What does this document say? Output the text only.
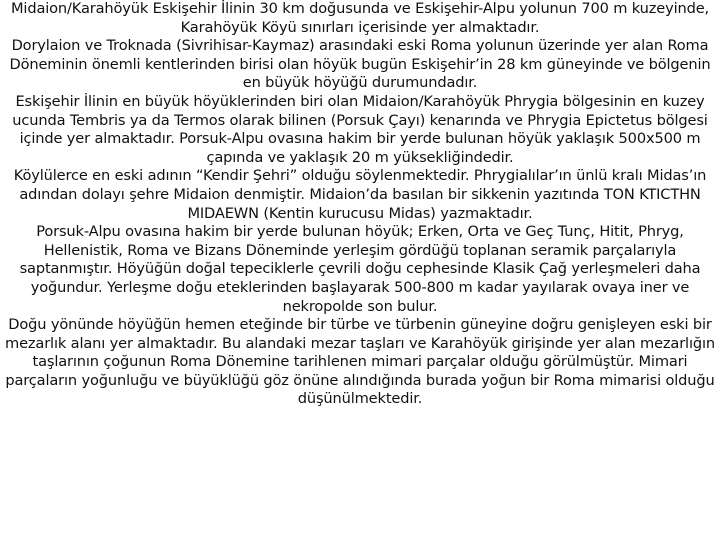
Midaion/Karahöyük Eskişehir İlinin 30 km doğusunda ve Eskişehir-Alpu yolunun 700 m kuzeyinde, Karahöyük Köyü sınırları içerisinde yer almaktadır.

Dorylaion ve Troknada (Sivrihisar-Kaymaz) arasındaki eski Roma yolunun üzerinde yer alan Roma Döneminin önemli kentlerinden birisi olan höyük bugün Eskişehir’in 28 km güneyinde ve bölgenin en büyük höyüğü durumundadır.

Eskişehir İlinin en büyük höyüklerinden biri olan Midaion/Karahöyük Phrygia bölgesinin en kuzey ucunda Tembris ya da Termos olarak bilinen (Porsuk Çayı) kenarında ve Phrygia Epictetus bölgesi içinde yer almaktadır. Porsuk-Alpu ovasına hakim bir yerde bulunan höyük yaklaşık 500x500 m çapında ve yaklaşık 20 m yüksekliğindedir.

Köylülerce en eski adının “Kendir Şehri” olduğu söylenmektedir. Phrygialılar’ın ünlü kralı Midas’ın adından dolayı şehre Midaion denmiştir. Midaion’da basılan bir sikkenin yazıtında TON KTICTHN MIDAEWN (Kentin kurucusu Midas) yazmaktadır.

Porsuk-Alpu ovasına hakim bir yerde bulunan höyük; Erken, Orta ve Geç Tunç, Hitit, Phryg, Hellenistik, Roma ve Bizans Döneminde yerleşim gördüğü toplanan seramik parçalarıyla saptanmıştır. Höyüğün doğal tepeciklerle çevrili doğu cephesinde Klasik Çağ yerleşmeleri daha yoğundur. Yerleşme doğu eteklerinden başlayarak 500-800 m kadar yayılarak ovaya iner ve nekropolde son bulur.

Doğu yönünde höyüğün hemen eteğinde bir türbe ve türbenin güneyine doğru genişleyen eski bir mezarlık alanı yer almaktadır. Bu alandaki mezar taşları ve Karahöyük girişinde yer alan mezarlığın taşlarının çoğunun Roma Dönemine tarihlenen mimari parçalar olduğu görülmüştür. Mimari parçaların yoğunluğu ve büyüklüğü göz önüne alındığında burada yoğun bir Roma mimarisi olduğu düşünülmektedir.
